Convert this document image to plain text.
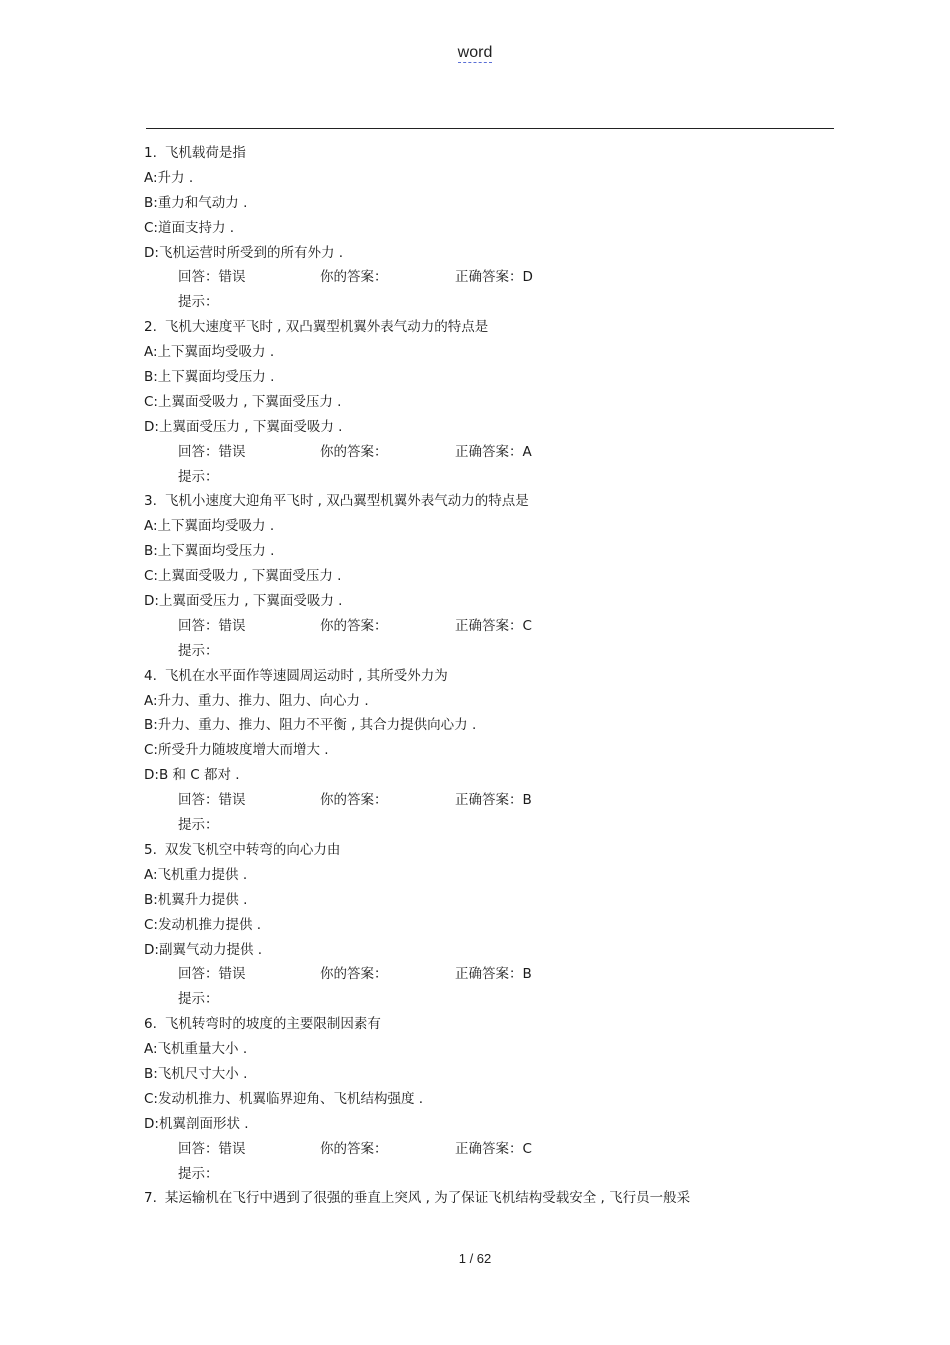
word
1. 飞机载荷是指
A:升力 .
B:重力和气动力 .
C:道面支持力 .
D:飞机运营时所受到的所有外力 .
回答：错误	你的答案：	正确答案：D
提示：
2. 飞机大速度平飞时 , 双凸翼型机翼外表气动力的特点是
A:上下翼面均受吸力 .
B:上下翼面均受压力 .
C:上翼面受吸力 , 下翼面受压力 .
D:上翼面受压力 , 下翼面受吸力 .
回答：错误	你的答案：	正确答案：A
提示：
3. 飞机小速度大迎角平飞时 , 双凸翼型机翼外表气动力的特点是
A:上下翼面均受吸力 .
B:上下翼面均受压力 .
C:上翼面受吸力 , 下翼面受压力 .
D:上翼面受压力 , 下翼面受吸力 .
回答：错误	你的答案：	正确答案：C
提示：
4. 飞机在水平面作等速圆周运动时 , 其所受外力为
A:升力、重力、推力、阻力、向心力 .
B:升力、重力、推力、阻力不平衡 , 其合力提供向心力 .
C:所受升力随坡度增大而增大 .
D:B 和 C 都对 .
回答：错误	你的答案：	正确答案：B
提示：
5. 双发飞机空中转弯的向心力由
A:飞机重力提供 .
B:机翼升力提供 .
C:发动机推力提供 .
D:副翼气动力提供 .
回答：错误	你的答案：	正确答案：B
提示：
6. 飞机转弯时的坡度的主要限制因素有
A:飞机重量大小 .
B:飞机尺寸大小 .
C:发动机推力、机翼临界迎角、飞机结构强度 .
D:机翼剖面形状 .
回答：错误	你的答案：	正确答案：C
提示：
7. 某运输机在飞行中遇到了很强的垂直上突风 , 为了保证飞机结构受载安全 , 飞行员一般采
1 / 62
